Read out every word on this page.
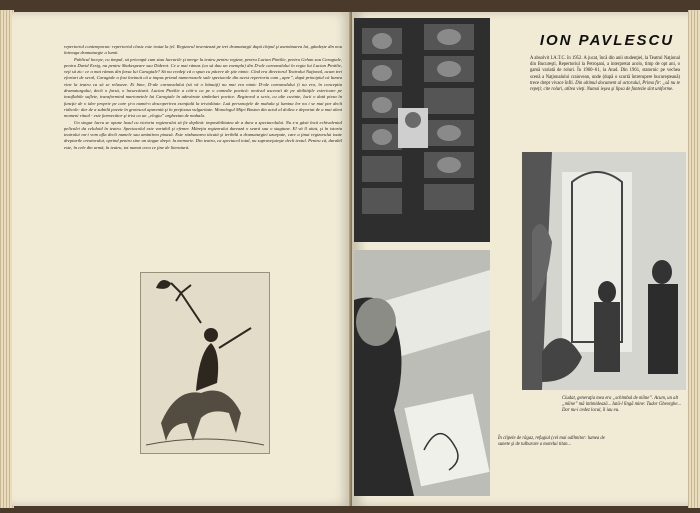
repertoriul contemporan: repertoriul clasic este tratat la (el. Regizorul inventează pe trei dramaturgii după chipul şi asemănarea lui, gândește din nou întreaga dramaturgie a lumii.

Publicul începe, cu timpul, să priceapă cum stau lucrurile şi merge la teatru pentru regizor, pentru Lucian Pintilie, pentru Gehan sau Caragiale, pentru David Esrig, nu pentru Shakespeare sau Diderot. Ce a mai rămas (ca să dau un exemplu) din D-ale carnavalului în regia lui Lucian Pintilie, veţi să zic: ce a mai rămas din farsa lui Caragiale? Să nu credeţi că o spun cu păcere de ştie nimic. Cînd era directorul Teatrului Naţional, acum trei eforturi de seral, Caragiale a fost învinuit că a impus primul numeroasele sale spectacole din acest repertoriu cum „apre”, după principiul că lumea vine la teatru ca să se relaxeze. Ei bine, D-ale carnavalului (să vă o bănuiţi) nu mai era nimic D-ale carnavalului (i nu era, în conceptia dramaturgului, decît o farsă, o încurcătură. Lucian Pintilie a citit-o ca pe o comedie poetică: motivul ascensii de pe abilităţile exterioare pe insuflabile suflete, transformind marionetele lui Caragiale în adevărate simboluri poetice. Regizorul a scris, cu alte cuvinte, lucii o dată piesa în funcţie de o idee proprie pe care şi-a numit-o descoperirea esenţială la trivialitate. Luă personajele de mahala şi lumina lor nu i se mai par decît ridicole: dar de a subtilă poezie în grotescul aparentă şi în preţioasa vulgaritate. Monologul Miţei Baston din actul al doilea e deportat de a mai aleni momeni ritual - este farmecător şi trist ca un „elogiu” arghezian de mahala.

Un singur lucru se opune luxul cu victoria regizorului să fie deplină: imposibilitatea de a dura a spectacolului. Nu s-a găsit încă echivalentul peliculei da celuloid în teatru. Spectacolul este variabil şi efemer. Măreţia regizorului durează o seară sau o stagiune. El vă îl uitat, şi în istoria teatrului nu-i vom afla decît numele sau amintirea pioasă. Este răzbunarea tăcută şi teribilă a dramaturgiei uzurpate, care a ţinut regizorului toate drepturile creatorului, oprind pentru sine un singur drept: la memorie. Din teatru, ca spectacol total, nu supraveţuieşte decît textul. Pentru că, durabil este, în cele din urmă, în teatru, tot numai ceea ce ţine de literatură.

ION PAVLESCU
A absolvit I.A.T.C. în 1952. A jucat, încă din anii studenţiei, la Teatrul Naţional din Bucureşti, Repertoriul la Petroşani, a interpretat acolo, timp de opt ani, o gamă variată de roluri. În 1960–61, la Arad. Din 1961, statornic pe vechea scenă a Naţionalului craiovean, unde (după o scurtă întrerupere bucureşteană) trece drept vivace înfil. Din ultimul document al actorului, Prima fir: „să nu te repeţi; cite roluri, atîtea vieţi. Numai ieşea şi lipsa de fantezie sînt uniforme.
Ciudat, generaţia mea era „schimbul de mîine”. Acum, un alt „mîine” mă intimidează... Iată-l lîngă mine: Tudor Gheorghe... Dar nu-i cedez locul, îl iau eu.
În clipele de răgaz, refugiul (cel mai odihnitor: lumea de sunete şi de tulburare a marelui titan...
